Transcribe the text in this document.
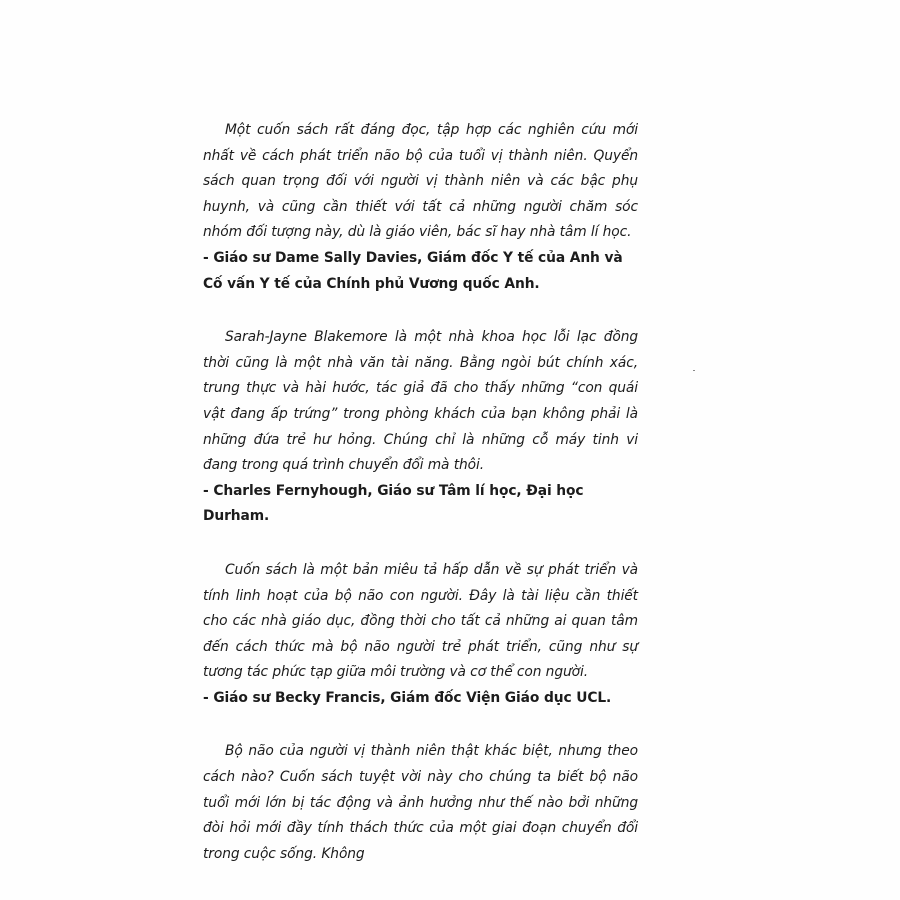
Một cuốn sách rất đáng đọc, tập hợp các nghiên cứu mới nhất về cách phát triển não bộ của tuổi vị thành niên. Quyển sách quan trọng đối với người vị thành niên và các bậc phụ huynh, và cũng cần thiết với tất cả những người chăm sóc nhóm đối tượng này, dù là giáo viên, bác sĩ hay nhà tâm lí học.

- Giáo sư Dame Sally Davies, Giám đốc Y tế của Anh và Cố vấn Y tế của Chính phủ Vương quốc Anh.

Sarah-Jayne Blakemore là một nhà khoa học lỗi lạc đồng thời cũng là một nhà văn tài năng. Bằng ngòi bút chính xác, trung thực và hài hước, tác giả đã cho thấy những “con quái vật đang ấp trứng” trong phòng khách của bạn không phải là những đứa trẻ hư hỏng. Chúng chỉ là những cỗ máy tinh vi đang trong quá trình chuyển đổi mà thôi.

- Charles Fernyhough, Giáo sư Tâm lí học, Đại học Durham.

Cuốn sách là một bản miêu tả hấp dẫn về sự phát triển và tính linh hoạt của bộ não con người. Đây là tài liệu cần thiết cho các nhà giáo dục, đồng thời cho tất cả những ai quan tâm đến cách thức mà bộ não người trẻ phát triển, cũng như sự tương tác phức tạp giữa môi trường và cơ thể con người.

- Giáo sư Becky Francis, Giám đốc Viện Giáo dục UCL.

Bộ não của người vị thành niên thật khác biệt, nhưng theo cách nào? Cuốn sách tuyệt vời này cho chúng ta biết bộ não tuổi mới lớn bị tác động và ảnh hưởng như thế nào bởi những đòi hỏi mới đầy tính thách thức của một giai đoạn chuyển đổi trong cuộc sống. Không
